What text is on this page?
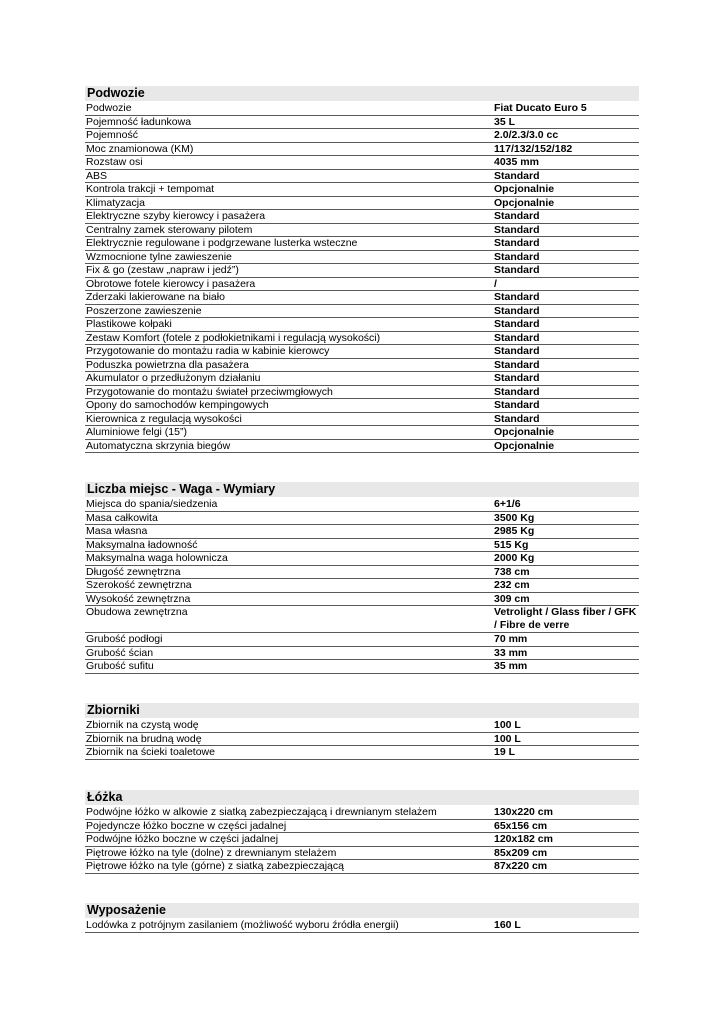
Podwozie
Podwozie	Fiat Ducato Euro 5
Pojemność ładunkowa	35 L
Pojemność	2.0/2.3/3.0 cc
Moc znamionowa (KM)	117/132/152/182
Rozstaw osi	4035 mm
ABS	Standard
Kontrola trakcji + tempomat	Opcjonalnie
Klimatyzacja	Opcjonalnie
Elektryczne szyby kierowcy i pasażera	Standard
Centralny zamek sterowany pilotem	Standard
Elektrycznie regulowane i podgrzewane lusterka wsteczne	Standard
Wzmocnione tylne zawieszenie	Standard
Fix & go (zestaw „napraw i jedź”)	Standard
Obrotowe fotele kierowcy i pasażera	/
Zderzaki lakierowane na biało	Standard
Poszerzone zawieszenie	Standard
Plastikowe kołpaki	Standard
Zestaw Komfort (fotele z podłokietnikami i regulacją wysokości)	Standard
Przygotowanie do montażu radia w kabinie kierowcy	Standard
Poduszka powietrzna dla pasażera	Standard
Akumulator o przedłużonym działaniu	Standard
Przygotowanie do montażu świateł przeciwmgłowych	Standard
Opony do samochodów kempingowych	Standard
Kierownica z regulacją wysokości	Standard
Aluminiowe felgi (15”)	Opcjonalnie
Automatyczna skrzynia biegów	Opcjonalnie
Liczba miejsc - Waga - Wymiary
Miejsca do spania/siedzenia	6+1/6
Masa całkowita	3500 Kg
Masa własna	2985 Kg
Maksymalna ładowność	515 Kg
Maksymalna waga holownicza	2000 Kg
Długość zewnętrzna	738 cm
Szerokość zewnętrzna	232 cm
Wysokość zewnętrzna	309 cm
Obudowa zewnętrzna	Vetrolight / Glass fiber / GFK / Fibre de verre
Grubość podłogi	70 mm
Grubość ścian	33 mm
Grubość sufitu	35 mm
Zbiorniki
Zbiornik na czystą wodę	100 L
Zbiornik na brudną wodę	100 L
Zbiornik na ścieki toaletowe	19 L
Łóżka
Podwójne łóżko w alkowie z siatką zabezpieczającą i drewnianym stelażem	130x220 cm
Pojedyncze łóżko boczne w części jadalnej	65x156 cm
Podwójne łóżko boczne w części jadalnej	120x182 cm
Piętrowe łóżko na tyle (dolne) z drewnianym stelażem	85x209 cm
Piętrowe łóżko na tyle (górne) z siatką zabezpieczającą	87x220 cm
Wyposażenie
Lodówka z potrójnym zasilaniem (możliwość wyboru źródła energii)	160 L
